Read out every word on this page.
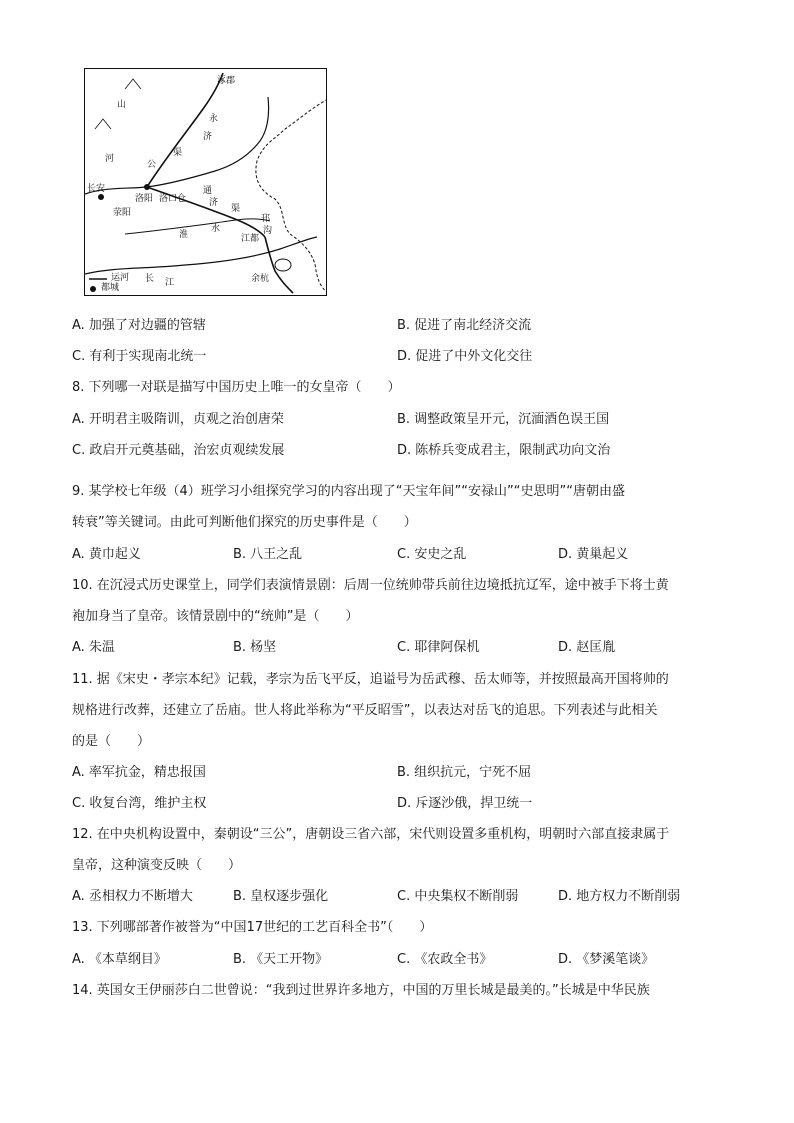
山
涿郡
永
济
河
公
渠
长安
洛阳
荥阳
洛口仓
通
济
渠
淮
水
邗
沟
江都
余杭
江
长
运河
都城
A. 加强了对边疆的管辖	B. 促进了南北经济交流
C. 有利于实现南北统一	D. 促进了中外文化交往
8. 下列哪一对联是描写中国历史上唯一的女皇帝（　　）
A. 开明君主吸隋训，贞观之治创唐荣	B. 调整政策呈开元，沉湎酒色误王国
C. 政启开元奠基础，治宏贞观续发展	D. 陈桥兵变成君主，限制武功向文治
9. 某学校七年级（4）班学习小组探究学习的内容出现了“天宝年间”“安禄山”“史思明”“唐朝由盛
转衰”等关键词。由此可判断他们探究的历史事件是（　　）
A. 黄巾起义	B. 八王之乱	C. 安史之乱	D. 黄巢起义
10. 在沉浸式历史课堂上，同学们表演情景剧：后周一位统帅带兵前往边境抵抗辽军，途中被手下将士黄
袍加身当了皇帝。该情景剧中的“统帅”是（　　）
A. 朱温	B. 杨坚	C. 耶律阿保机	D. 赵匡胤
11. 据《宋史・孝宗本纪》记载，孝宗为岳飞平反，追谥号为岳武穆、岳太师等，并按照最高开国将帅的
规格进行改葬，还建立了岳庙。世人将此举称为“平反昭雪”，以表达对岳飞的追思。下列表述与此相关
的是（　　）
A. 率军抗金，精忠报国	B. 组织抗元，宁死不屈
C. 收复台湾，维护主权	D. 斥逐沙俄，捍卫统一
12. 在中央机构设置中，秦朝设“三公”，唐朝设三省六部，宋代则设置多重机构，明朝时六部直接隶属于
皇帝，这种演变反映（　　）
A. 丞相权力不断增大	B. 皇权逐步强化	C. 中央集权不断削弱	D. 地方权力不断削弱
13. 下列哪部著作被誉为“中国17世纪的工艺百科全书”（　　）
A. 《本草纲目》	B. 《天工开物》	C. 《农政全书》	D. 《梦溪笔谈》
14. 英国女王伊丽莎白二世曾说：“我到过世界许多地方，中国的万里长城是最美的。”长城是中华民族
